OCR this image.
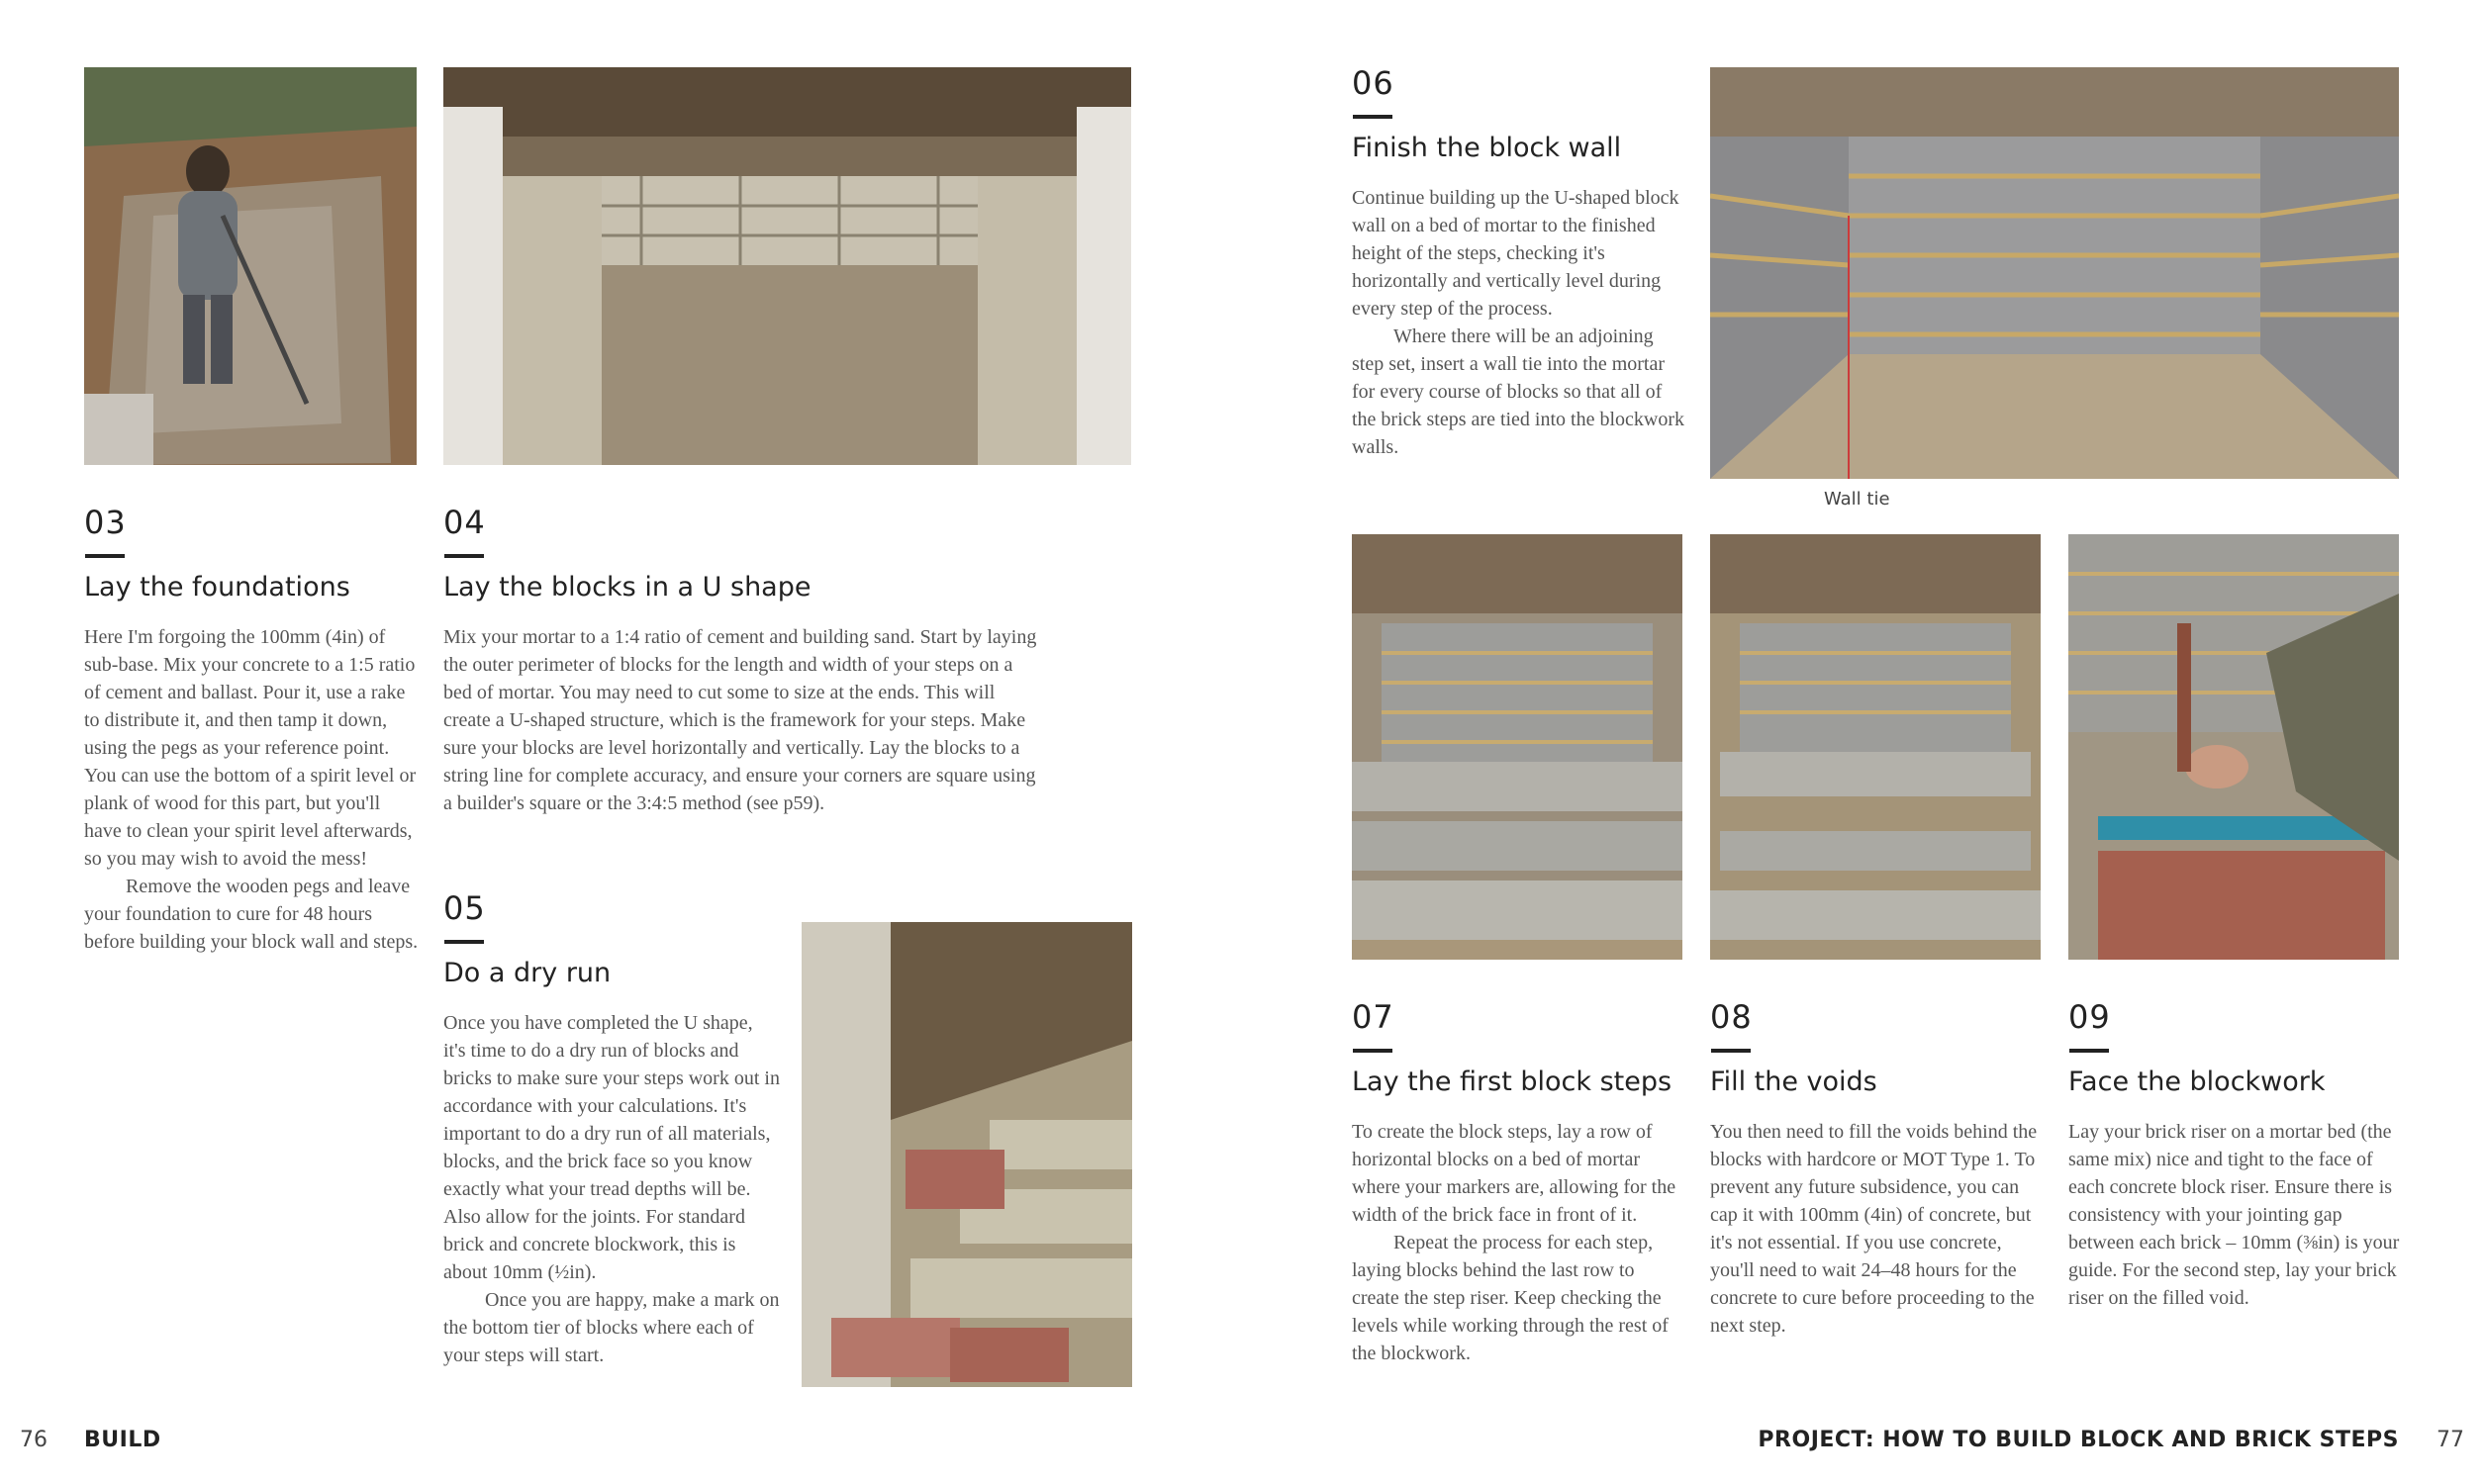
03
Lay the foundations

Here I'm forgoing the 100mm (4in) of sub-base. Mix your concrete to a 1:5 ratio of cement and ballast. Pour it, use a rake to distribute it, and then tamp it down, using the pegs as your reference point. You can use the bottom of a spirit level or plank of wood for this part, but you'll have to clean your spirit level afterwards, so you may wish to avoid the mess!

Remove the wooden pegs and leave your foundation to cure for 48 hours before building your block wall and steps.

04
Lay the blocks in a U shape

Mix your mortar to a 1:4 ratio of cement and building sand. Start by laying the outer perimeter of blocks for the length and width of your steps on a bed of mortar. You may need to cut some to size at the ends. This will create a U-shaped structure, which is the framework for your steps. Make sure your blocks are level horizontally and vertically. Lay the blocks to a string line for complete accuracy, and ensure your corners are square using a builder's square or the 3:4:5 method (see p59).

05
Do a dry run

Once you have completed the U shape, it's time to do a dry run of blocks and bricks to make sure your steps work out in accordance with your calculations. It's important to do a dry run of all materials, blocks, and the brick face so you know exactly what your tread depths will be. Also allow for the joints. For standard brick and concrete blockwork, this is about 10mm (½in).

Once you are happy, make a mark on the bottom tier of blocks where each of your steps will start.

Wall tie
06
Finish the block wall

Continue building up the U-shaped block wall on a bed of mortar to the finished height of the steps, checking it's horizontally and vertically level during every step of the process.

Where there will be an adjoining step set, insert a wall tie into the mortar for every course of blocks so that all of the brick steps are tied into the blockwork walls.

07
Lay the first block steps

To create the block steps, lay a row of horizontal blocks on a bed of mortar where your markers are, allowing for the width of the brick face in front of it.

Repeat the process for each step, laying blocks behind the last row to create the step riser. Keep checking the levels while working through the rest of the blockwork.

08
Fill the voids

You then need to fill the voids behind the blocks with hardcore or MOT Type 1. To prevent any future subsidence, you can cap it with 100mm (4in) of concrete, but it's not essential. If you use concrete, you'll need to wait 24–48 hours for the concrete to cure before proceeding to the next step.

09
Face the blockwork

Lay your brick riser on a mortar bed (the same mix) nice and tight to the face of each concrete block riser. Ensure there is consistency with your jointing gap between each brick – 10mm (⅜in) is your guide. For the second step, lay your brick riser on the filled void.

76 BUILD	PROJECT: HOW TO BUILD BLOCK AND BRICK STEPS 77
